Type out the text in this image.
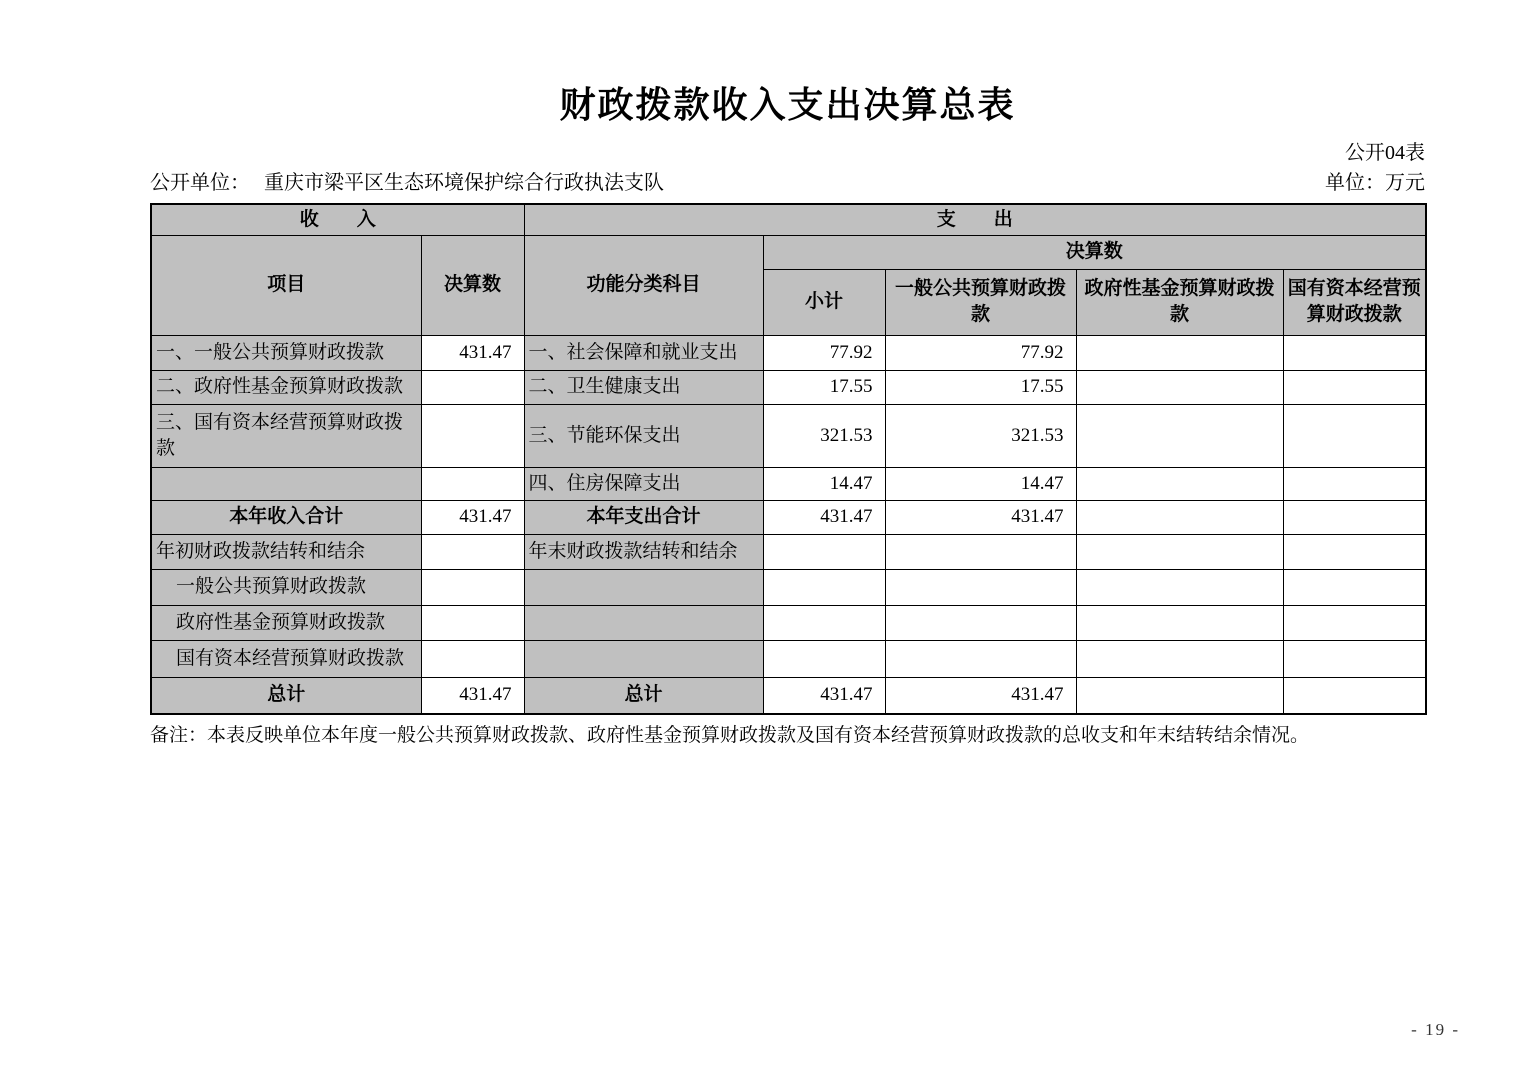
财政拨款收入支出决算总表
公开04表
公开单位： 重庆市梁平区生态环境保护综合行政执法支队	单位：万元
收　　入		支　　出				
项目	决算数	功能分类科目	决算数			
			小计	一般公共预算财政拨款	政府性基金预算财政拨款	国有资本经营预算财政拨款
一、一般公共预算财政拨款	431.47	一、社会保障和就业支出	77.92	77.92		
二、政府性基金预算财政拨款		二、卫生健康支出	17.55	17.55		
三、国有资本经营预算财政拨款		三、节能环保支出	321.53	321.53		
		四、住房保障支出	14.47	14.47		
本年收入合计	431.47	本年支出合计	431.47	431.47		
年初财政拨款结转和结余		年末财政拨款结转和结余				
一般公共预算财政拨款						
政府性基金预算财政拨款						
国有资本经营预算财政拨款						
总计	431.47	总计	431.47	431.47		
备注：本表反映单位本年度一般公共预算财政拨款、政府性基金预算财政拨款及国有资本经营预算财政拨款的总收支和年末结转结余情况。
- 19 -
